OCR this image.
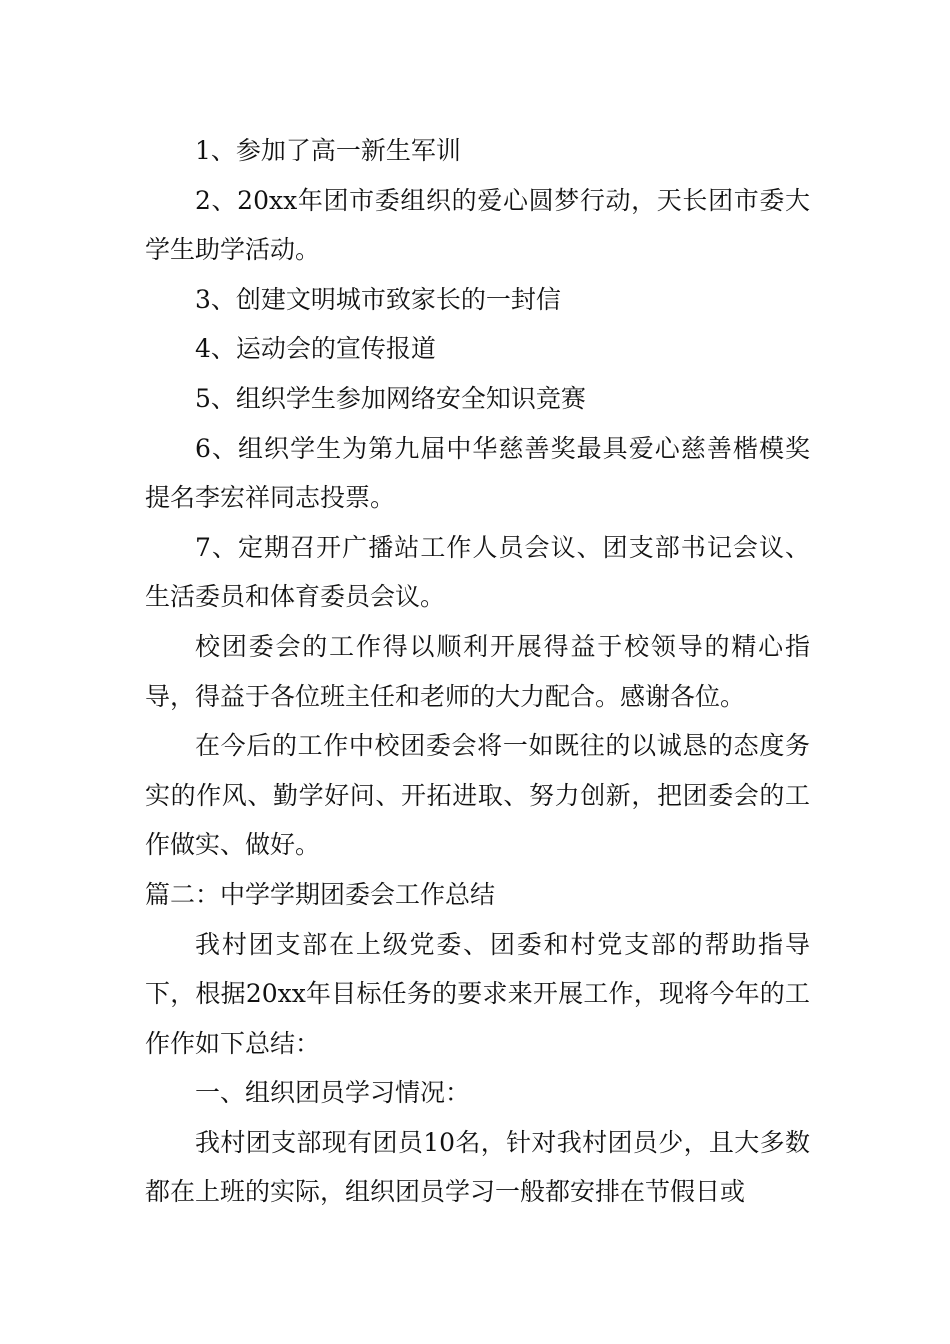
1、参加了高一新生军训

2、20xx年团市委组织的爱心圆梦行动，天长团市委大学生助学活动。

3、创建文明城市致家长的一封信

4、运动会的宣传报道

5、组织学生参加网络安全知识竞赛

6、组织学生为第九届中华慈善奖最具爱心慈善楷模奖提名李宏祥同志投票。

7、定期召开广播站工作人员会议、团支部书记会议、生活委员和体育委员会议。

校团委会的工作得以顺利开展得益于校领导的精心指导，得益于各位班主任和老师的大力配合。感谢各位。

在今后的工作中校团委会将一如既往的以诚恳的态度务实的作风、勤学好问、开拓进取、努力创新，把团委会的工作做实、做好。

篇二：中学学期团委会工作总结

我村团支部在上级党委、团委和村党支部的帮助指导下，根据20xx年目标任务的要求来开展工作，现将今年的工作作如下总结：

一、组织团员学习情况：

我村团支部现有团员10名，针对我村团员少，且大多数都在上班的实际，组织团员学习一般都安排在节假日或
